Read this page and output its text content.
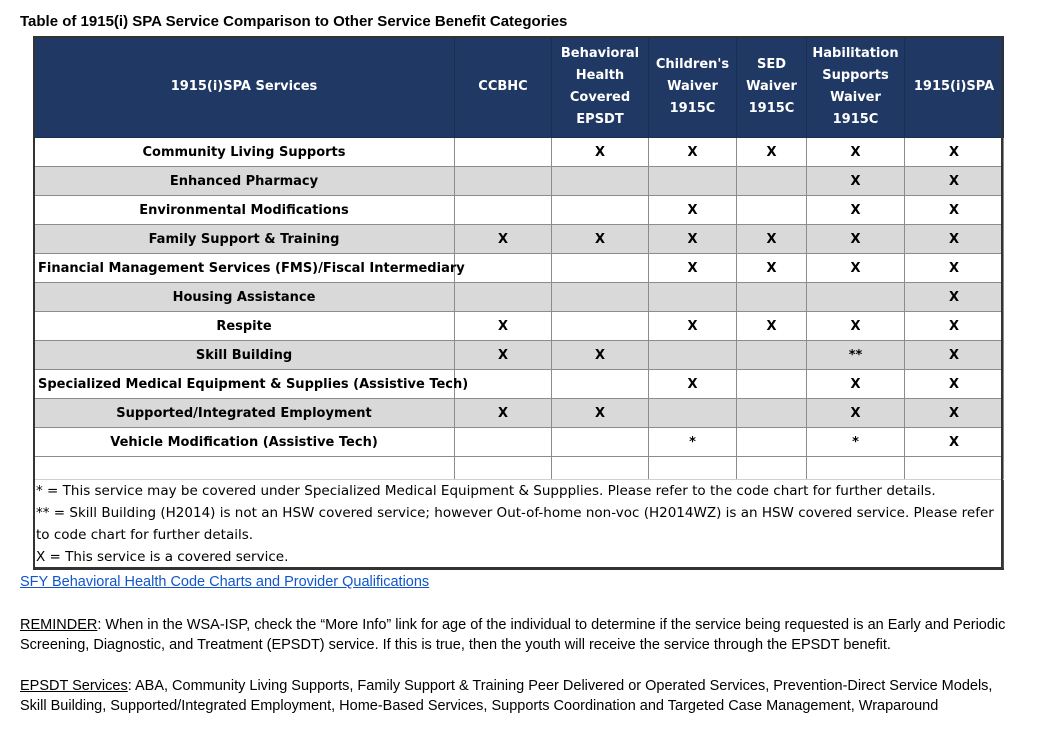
Table of 1915(i) SPA Service Comparison to Other Service Benefit Categories
1915(i)SPA Services	CCBHC	Behavioral Health Covered EPSDT	Children's Waiver 1915C	SED Waiver 1915C	Habilitation Supports Waiver 1915C	1915(i)SPA
Community Living Supports		X	X	X	X	X
Enhanced Pharmacy					X	X
Environmental Modifications			X		X	X
Family Support & Training	X	X	X	X	X	X
Financial Management Services (FMS)/Fiscal Intermediary			X	X	X	X
Housing Assistance						X
Respite	X		X	X	X	X
Skill Building	X	X			**	X
Specialized Medical Equipment & Supplies (Assistive Tech)			X		X	X
Supported/Integrated Employment	X	X			X	X
Vehicle Modification (Assistive Tech)			*		*	X

* = This service may be covered under Specialized Medical Equipment & Suppplies. Please refer to the code chart for further details.						
** = Skill Building (H2014) is not an HSW covered service; however Out-of-home non-voc (H2014WZ) is an HSW covered service. Please refer to code chart for further details.						
X = This service is a covered service.						
SFY Behavioral Health Code Charts and Provider Qualifications
REMINDER: When in the WSA-ISP, check the “More Info” link for age of the individual to determine if the service being requested is an Early and Periodic Screening, Diagnostic, and Treatment (EPSDT) service. If this is true, then the youth will receive the service through the EPSDT benefit.
EPSDT Services: ABA, Community Living Supports, Family Support & Training Peer Delivered or Operated Services, Prevention-Direct Service Models, Skill Building, Supported/Integrated Employment, Home-Based Services, Supports Coordination and Targeted Case Management, Wraparound
